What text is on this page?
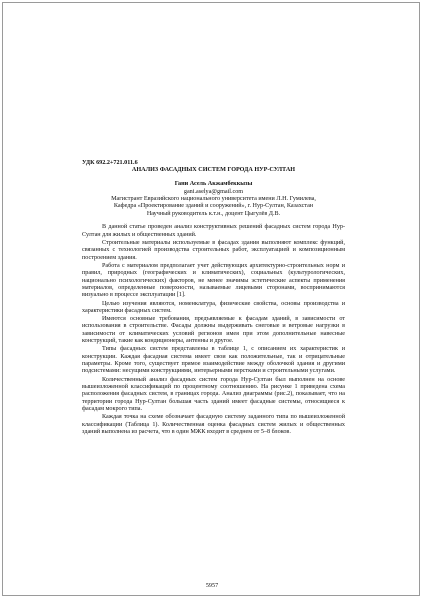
УДК 692.2+721.011.6

АНАЛИЗ ФАСАДНЫХ СИСТЕМ ГОРОДА НУР-СУЛТАН

Гани Асель Акжамбеккызы

gani.aselya@gmail.com

Магистрант Евразийского национального университета имени Л.Н. Гумилева,

Кафедра «Проектирование зданий и сооружений», г. Нур-Султан, Казахстан

Научный руководитель к.т.н., доцент Цыгулёв Д.В.

В данной статье проведен анализ конструктивных решений фасадных систем города Нур-Султан для жилых и общественных зданий.

Строительные материалы используемые в фасадах здания выполняют комплекс функций, связанных с технологией производства строительных работ, эксплуатацией и композиционным построением здания.

Работа с материалом предполагает учет действующих архитектурно-строительных норм и правил, природных (географических и климатических), социальных (культурологических, национально психологических) факторов, не менее значимы эстетические аспекты применения материалов, определенные поверхности, называемые лицевыми сторонами, воспринимаются визуально в процессе эксплуатации [1].

Целью изучения являются, номенклатура, физические свойства, основы производства и характеристики фасадных систем.

Имеются основные требования, предъявляемые к фасадам зданий, в зависимости от использования в строительстве. Фасады должны выдерживать снеговые и ветровые нагрузки в зависимости от климатических условий регионов имея при этом дополнительные навесные конструкций, такие как кондиционеры, антенны и другое.

Типы фасадных систем представлены в таблице 1, с описанием их характеристик и конструкции. Каждая фасадная система имеет свои как положительные, так и отрицательные параметры. Кроме того, существует прямое взаимодействие между оболочкой здания и другими подсистемами: несущими конструкциями, интерьерными верстками и строительными услугами.

Количественный анализ фасадных систем города Нур-Султан был выполнен на основе вышеизложенной классификаций по процентному соотношению. На рисунке 1 приведена схема расположения фасадных систем, в границах города. Анализ диаграммы (рис.2), показывает, что на территории города Нур-Султан большая часть зданий имеет фасадные системы, относящиеся к фасадам мокрого типа.

Каждая точка на схеме обозначает фасадную систему заданного типа по вышеизложенной классификации (Таблица 1). Количественная оценка фасадных систем жилых и общественных зданий выполнена из расчета, что в один МЖК входит в среднем от 5–8 блоков.

5957
